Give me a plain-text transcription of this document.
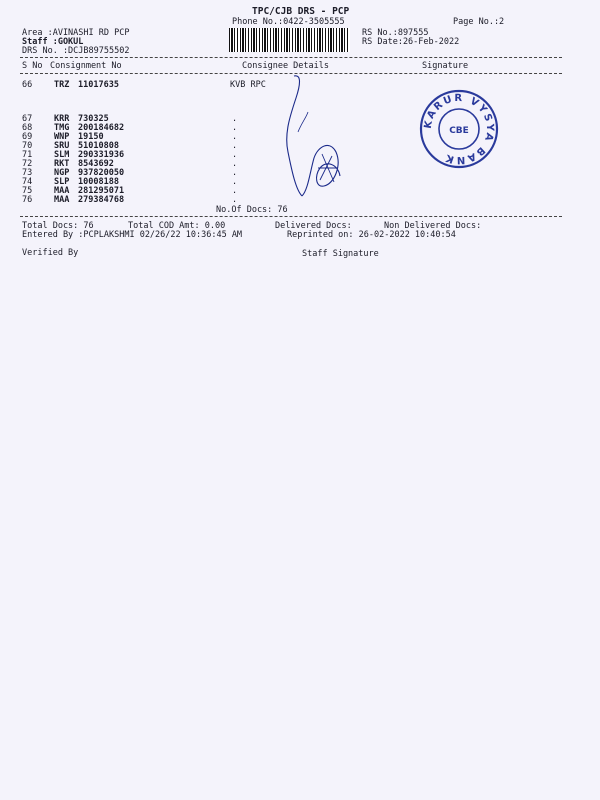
TPC/CJB DRS - PCP
Phone No.:0422-3505555	Page No.:2
Area :AVINASHI RD PCP
Staff :GOKUL
DRS No. :DCJB89755502
RS No.:897555
RS Date:26-Feb-2022
S No Consignment No	Consignee Details	Signature
66	TRZ 11017635	KVB RPC
67	KRR 730325	.
68	TMG 200184682	.
69	WNP 19150	.
70	SRU 51010808	.
71	SLM 290331936	.
72	RKT 8543692	.
73	NGP 937820050	.
74	SLP 10008188	.
75	MAA 281295071	.
76	MAA 279384768	.
No.Of Docs: 76
Total Docs: 76	Total COD Amt: 0.00	Delivered Docs:	Non Delivered Docs:
Entered By :PCPLAKSHMI 02/26/22 10:36:45 AM	Reprinted on: 26-02-2022 10:40:54
Verified By	Staff Signature
KARUR VYSYA BANK
CBE
